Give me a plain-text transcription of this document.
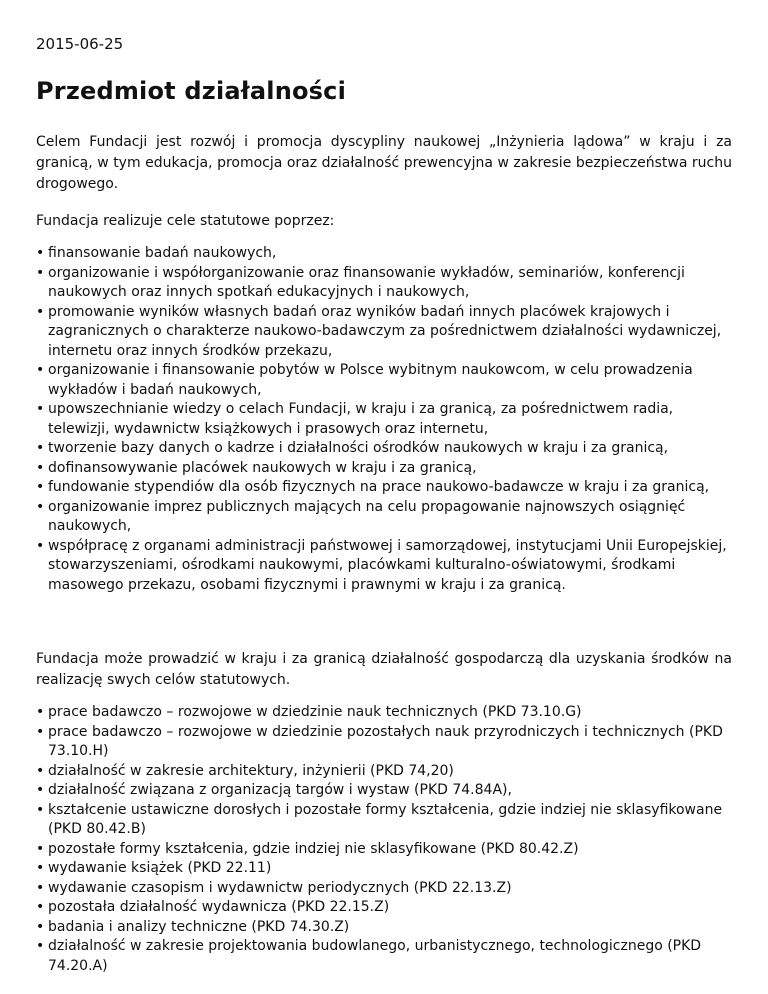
2015-06-25

Przedmiot działalności

Celem Fundacji jest rozwój i promocja dyscypliny naukowej „Inżynieria lądowa” w kraju i za granicą, w tym edukacja, promocja oraz działalność prewencyjna w zakresie bezpieczeństwa ruchu drogowego.

Fundacja realizuje cele statutowe poprzez:

• finansowanie badań naukowych,
• organizowanie i współorganizowanie oraz finansowanie wykładów, seminariów, konferencji naukowych oraz innych spotkań edukacyjnych i naukowych,
• promowanie wyników własnych badań oraz wyników badań innych placówek krajowych i zagranicznych o charakterze naukowo-badawczym za pośrednictwem działalności wydawniczej, internetu oraz innych środków przekazu,
• organizowanie i finansowanie pobytów w Polsce wybitnym naukowcom, w celu prowadzenia wykładów i badań naukowych,
• upowszechnianie wiedzy o celach Fundacji, w kraju i za granicą, za pośrednictwem radia, telewizji, wydawnictw książkowych i prasowych oraz internetu,
• tworzenie bazy danych o kadrze i działalności ośrodków naukowych w kraju i za granicą,
• dofinansowywanie placówek naukowych w kraju i za granicą,
• fundowanie stypendiów dla osób fizycznych na prace naukowo-badawcze w kraju i za granicą,
• organizowanie imprez publicznych mających na celu propagowanie najnowszych osiągnięć naukowych,
• współpracę z organami administracji państwowej i samorządowej, instytucjami Unii Europejskiej, stowarzyszeniami, ośrodkami naukowymi, placówkami kulturalno-oświatowymi, środkami masowego przekazu, osobami fizycznymi i prawnymi w kraju i za granicą.

Fundacja może prowadzić w kraju i za granicą działalność gospodarczą dla uzyskania środków na realizację swych celów statutowych.

• prace badawczo – rozwojowe w dziedzinie nauk technicznych (PKD 73.10.G)
• prace badawczo – rozwojowe w dziedzinie pozostałych nauk przyrodniczych i technicznych (PKD 73.10.H)
• działalność w zakresie architektury, inżynierii (PKD 74,20)
• działalność związana z organizacją targów i wystaw (PKD 74.84A),
• kształcenie ustawiczne dorosłych i pozostałe formy kształcenia, gdzie indziej nie sklasyfikowane (PKD 80.42.B)
• pozostałe formy kształcenia, gdzie indziej nie sklasyfikowane (PKD 80.42.Z)
• wydawanie książek (PKD 22.11)
• wydawanie czasopism i wydawnictw periodycznych (PKD 22.13.Z)
• pozostała działalność wydawnicza (PKD 22.15.Z)
• badania i analizy techniczne (PKD 74.30.Z)
• działalność w zakresie projektowania budowlanego, urbanistycznego, technologicznego (PKD 74.20.A)
